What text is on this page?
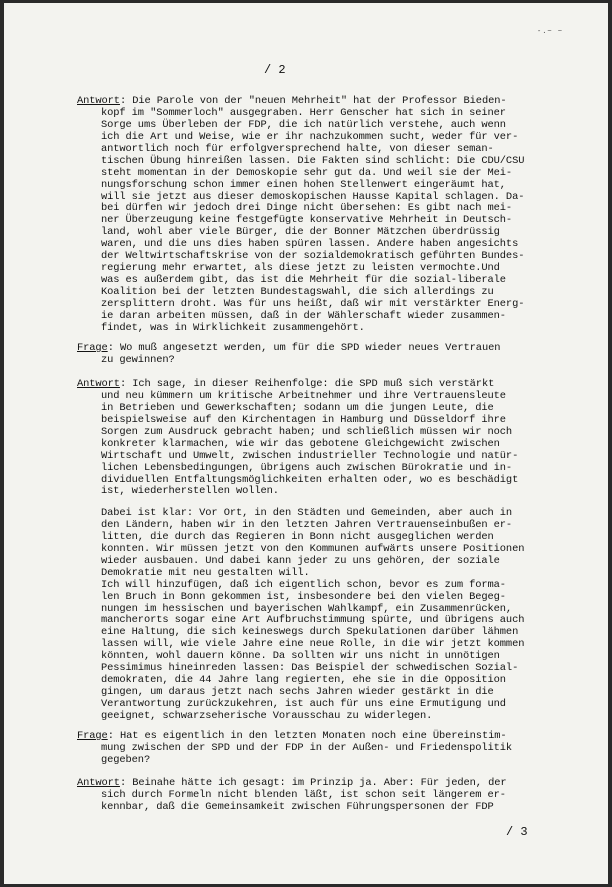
-.~ ~
/ 2
Antwort: Die Parole von der "neuen Mehrheit" hat der Professor Bieden-
kopf im "Sommerloch" ausgegraben. Herr Genscher hat sich in seiner
Sorge ums Überleben der FDP, die ich natürlich verstehe, auch wenn
ich die Art und Weise, wie er ihr nachzukommen sucht, weder für ver-
antwortlich noch für erfolgversprechend halte, von dieser seman-
tischen Übung hinreißen lassen. Die Fakten sind schlicht: Die CDU/CSU
steht momentan in der Demoskopie sehr gut da. Und weil sie der Mei-
nungsforschung schon immer einen hohen Stellenwert eingeräumt hat,
will sie jetzt aus dieser demoskopischen Hausse Kapital schlagen. Da-
bei dürfen wir jedoch drei Dinge nicht übersehen: Es gibt nach mei-
ner Überzeugung keine festgefügte konservative Mehrheit in Deutsch-
land, wohl aber viele Bürger, die der Bonner Mätzchen überdrüssig
waren, und die uns dies haben spüren lassen. Andere haben angesichts
der Weltwirtschaftskrise von der sozialdemokratisch geführten Bundes-
regierung mehr erwartet, als diese jetzt zu leisten vermochte.Und
was es außerdem gibt, das ist die Mehrheit für die sozial-liberale
Koalition bei der letzten Bundestagswahl, die sich allerdings zu
zersplittern droht. Was für uns heißt, daß wir mit verstärkter Energ-
ie daran arbeiten müssen, daß in der Wählerschaft wieder zusammen-
findet, was in Wirklichkeit zusammengehört.
Frage: Wo muß angesetzt werden, um für die SPD wieder neues Vertrauen
zu gewinnen?
Antwort: Ich sage, in dieser Reihenfolge: die SPD muß sich verstärkt
und neu kümmern um kritische Arbeitnehmer und ihre Vertrauensleute
in Betrieben und Gewerkschaften; sodann um die jungen Leute, die
beispielsweise auf den Kirchentagen in Hamburg und Düsseldorf ihre
Sorgen zum Ausdruck gebracht haben; und schließlich müssen wir noch
konkreter klarmachen, wie wir das gebotene Gleichgewicht zwischen
Wirtschaft und Umwelt, zwischen industrieller Technologie und natür-
lichen Lebensbedingungen, übrigens auch zwischen Bürokratie und in-
dividuellen Entfaltungsmöglichkeiten erhalten oder, wo es beschädigt
ist, wiederherstellen wollen.
Dabei ist klar: Vor Ort, in den Städten und Gemeinden, aber auch in
den Ländern, haben wir in den letzten Jahren Vertrauenseinbußen er-
litten, die durch das Regieren in Bonn nicht ausgeglichen werden
konnten. Wir müssen jetzt von den Kommunen aufwärts unsere Positionen
wieder ausbauen. Und dabei kann jeder zu uns gehören, der soziale
Demokratie mit neu gestalten will.
Ich will hinzufügen, daß ich eigentlich schon, bevor es zum forma-
len Bruch in Bonn gekommen ist, insbesondere bei den vielen Begeg-
nungen im hessischen und bayerischen Wahlkampf, ein Zusammenrücken,
mancherorts sogar eine Art Aufbruchstimmung spürte, und übrigens auch
eine Haltung, die sich keineswegs durch Spekulationen darüber lähmen
lassen will, wie viele Jahre eine neue Rolle, in die wir jetzt kommen
könnten, wohl dauern könne. Da sollten wir uns nicht in unnötigen
Pessimimus hineinreden lassen: Das Beispiel der schwedischen Sozial-
demokraten, die 44 Jahre lang regierten, ehe sie in die Opposition
gingen, um daraus jetzt nach sechs Jahren wieder gestärkt in die
Verantwortung zurückzukehren, ist auch für uns eine Ermutigung und
geeignet, schwarzseherische Vorausschau zu widerlegen.
Frage: Hat es eigentlich in den letzten Monaten noch eine Übereinstim-
mung zwischen der SPD und der FDP in der Außen- und Friedenspolitik
gegeben?
Antwort: Beinahe hätte ich gesagt: im Prinzip ja. Aber: Für jeden, der
sich durch Formeln nicht blenden läßt, ist schon seit längerem er-
kennbar, daß die Gemeinsamkeit zwischen Führungspersonen der FDP
/ 3
